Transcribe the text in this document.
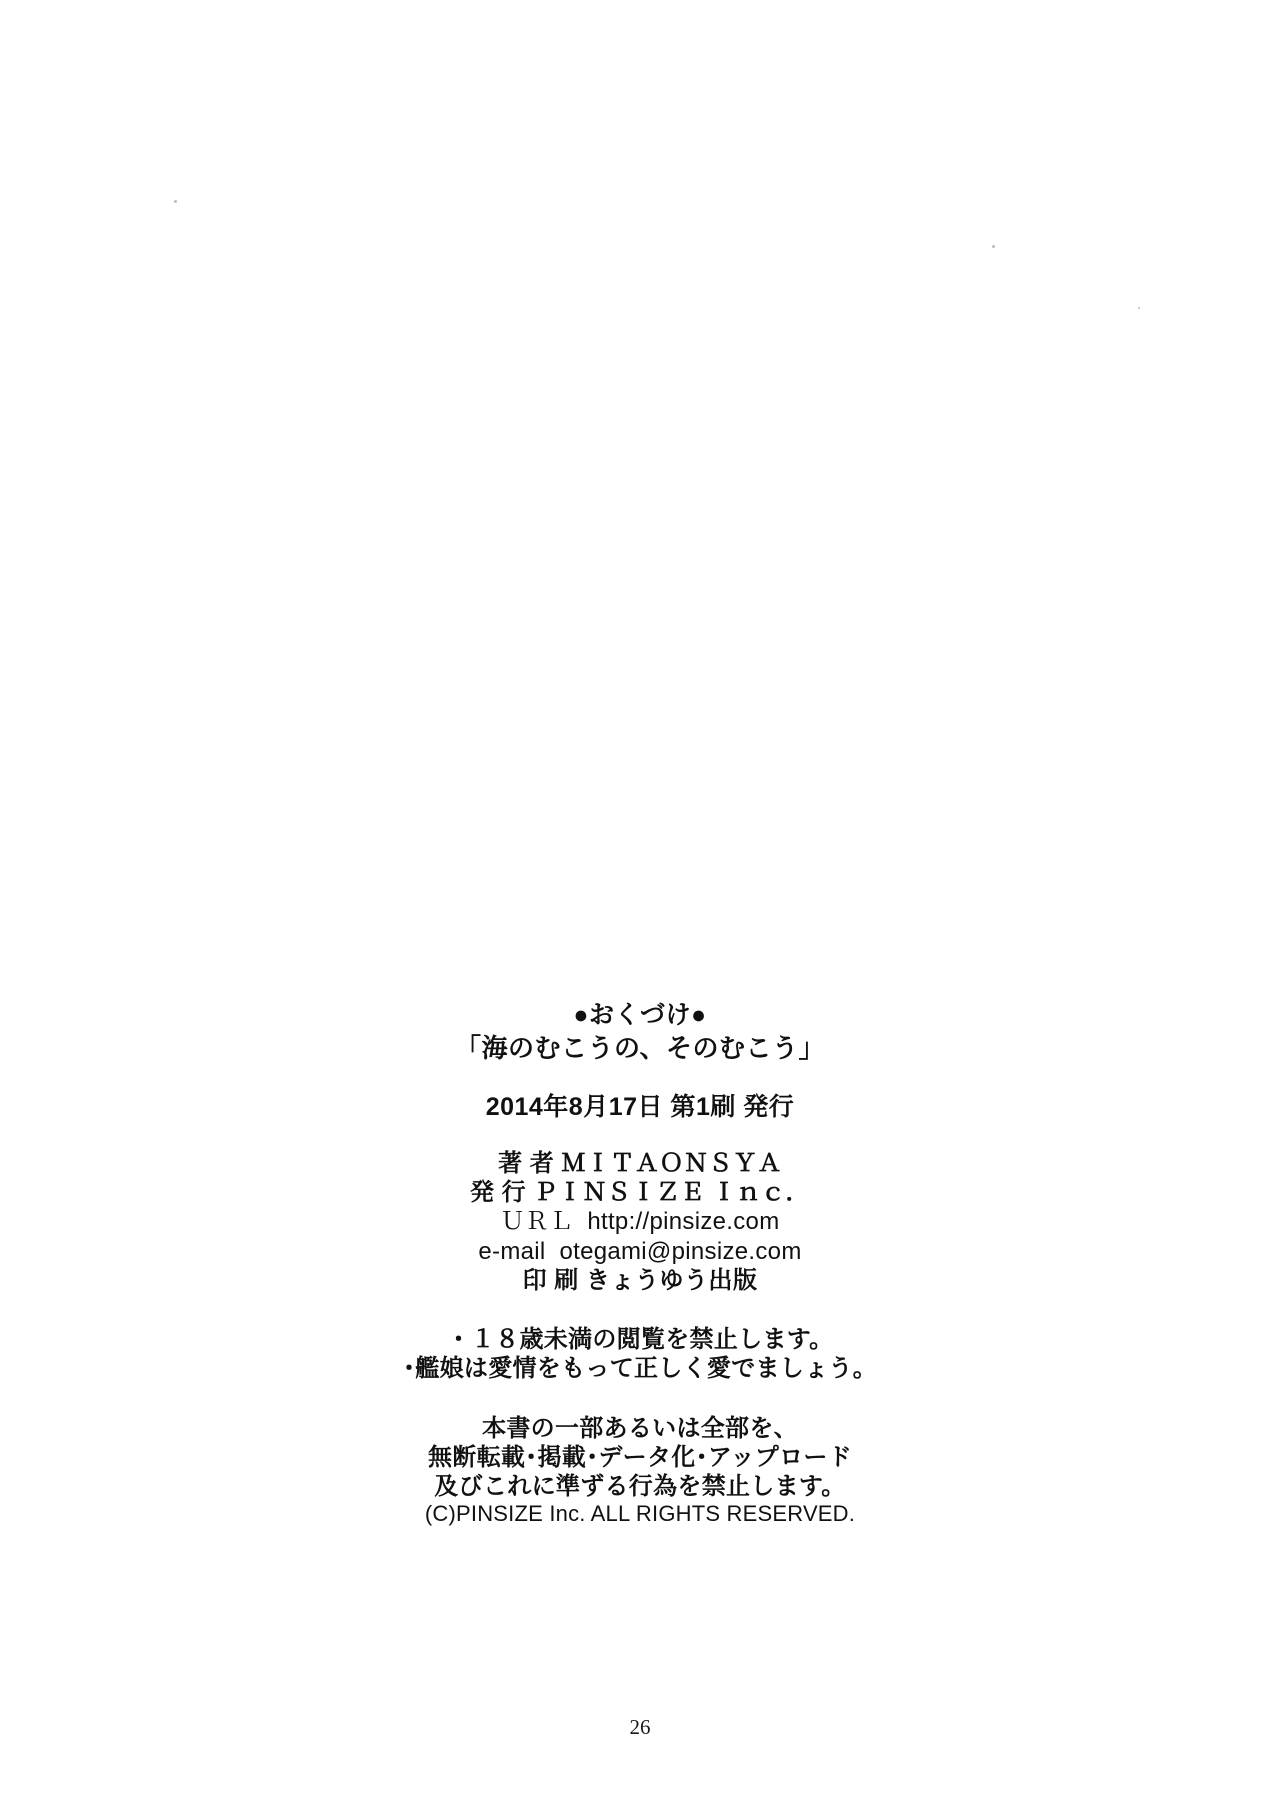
●おくづけ●
「海のむこうの、そのむこう」
2014年8月17日 第1刷 発行
著 者 ＭＩＴＡＯＮＳＹＡ
発 行 ＰＩＮＳＩＺＥ Ｉｎｃ．
ＵＲＬ  http://pinsize.com
e-mail  otegami@pinsize.com
印 刷 きょうゆう出版
・１８歳未満の閲覧を禁止します。
･艦娘は愛情をもって正しく愛でましょう。
本書の一部あるいは全部を、
無断転載･掲載･データ化･アップロード
及びこれに準ずる行為を禁止します。
(C)PINSIZE Inc. ALL RIGHTS RESERVED.
26
